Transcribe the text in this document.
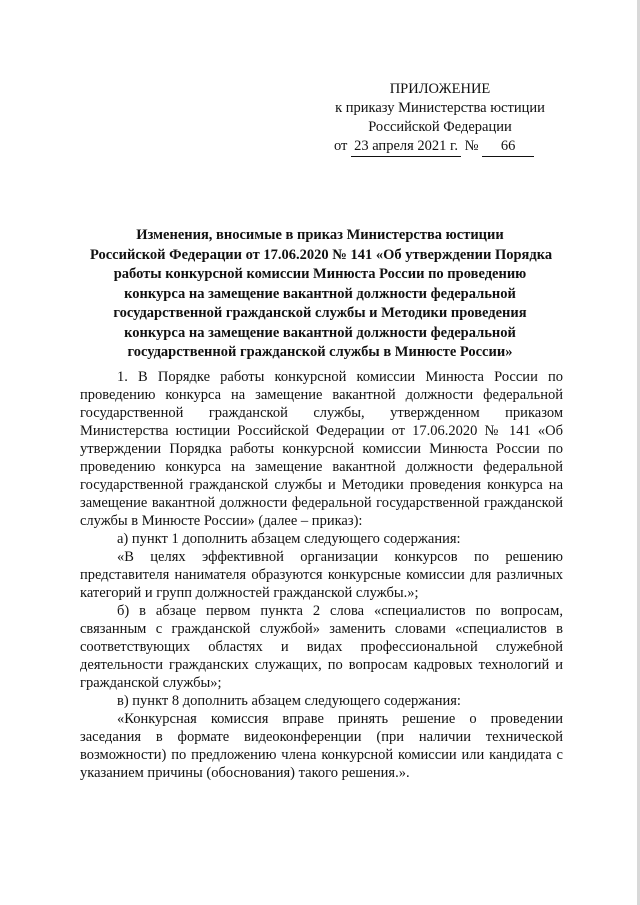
ПРИЛОЖЕНИЕ
к приказу Министерства юстиции
Российской Федерации
от 23 апреля 2021 г. № 66
Изменения, вносимые в приказ Министерства юстиции
Российской Федерации от 17.06.2020 № 141 «Об утверждении Порядка
работы конкурсной комиссии Минюста России по проведению
конкурса на замещение вакантной должности федеральной
государственной гражданской службы и Методики проведения
конкурса на замещение вакантной должности федеральной
государственной гражданской службы в Минюсте России»

1. В Порядке работы конкурсной комиссии Минюста России по проведению конкурса на замещение вакантной должности федеральной государственной гражданской службы, утвержденном приказом Министерства юстиции Российской Федерации от 17.06.2020 № 141 «Об утверждении Порядка работы конкурсной комиссии Минюста России по проведению конкурса на замещение вакантной должности федеральной государственной гражданской службы и Методики проведения конкурса на замещение вакантной должности федеральной государственной гражданской службы в Минюсте России» (далее – приказ):

а) пункт 1 дополнить абзацем следующего содержания:

«В целях эффективной организации конкурсов по решению представителя нанимателя образуются конкурсные комиссии для различных категорий и групп должностей гражданской службы.»;

б) в абзаце первом пункта 2 слова «специалистов по вопросам, связанным с гражданской службой» заменить словами «специалистов в соответствующих областях и видах профессиональной служебной деятельности гражданских служащих, по вопросам кадровых технологий и гражданской службы»;

в) пункт 8 дополнить абзацем следующего содержания:

«Конкурсная комиссия вправе принять решение о проведении заседания в формате видеоконференции (при наличии технической возможности) по предложению члена конкурсной комиссии или кандидата с указанием причины (обоснования) такого решения.».
